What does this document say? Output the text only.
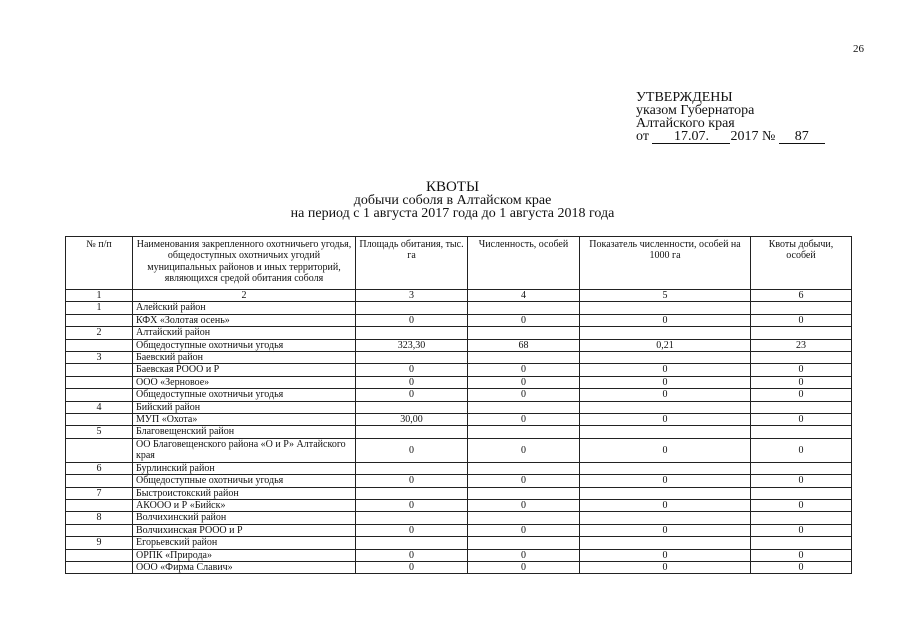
26
УТВЕРЖДЕНЫ
указом Губернатора
Алтайского края
от 17.07. 2017 № 87
КВОТЫ
добычи соболя в Алтайском крае
на период с 1 августа 2017 года до 1 августа 2018 года
№ п/п	Наименования закрепленного охотничьего угодья, общедоступных охотничьих угодий муниципальных районов и иных территорий, являющихся средой обитания соболя	Площадь обитания, тыс. га	Численность, особей	Показатель численности, особей на 1000 га	Квоты добычи, особей
1	2	3	4	5	6
1	Алейский район				
	КФХ «Золотая осень»	0	0	0	0
2	Алтайский район				
	Общедоступные охотничьи угодья	323,30	68	0,21	23
3	Баевский район				
	Баевская РООО и Р	0	0	0	0
	ООО «Зерновое»	0	0	0	0
	Общедоступные охотничьи угодья	0	0	0	0
4	Бийский район				
	МУП «Охота»	30,00	0	0	0
5	Благовещенский район				
	ОО Благовещенского района «О и Р» Алтайского края	0	0	0	0
6	Бурлинский район				
	Общедоступные охотничьи угодья	0	0	0	0
7	Быстроистокский район				
	АКООО и Р «Бийск»	0	0	0	0
8	Волчихинский район				
	Волчихинская РООО и Р	0	0	0	0
9	Егорьевский район				
	ОРПК «Природа»	0	0	0	0
	ООО «Фирма Славич»	0	0	0	0
